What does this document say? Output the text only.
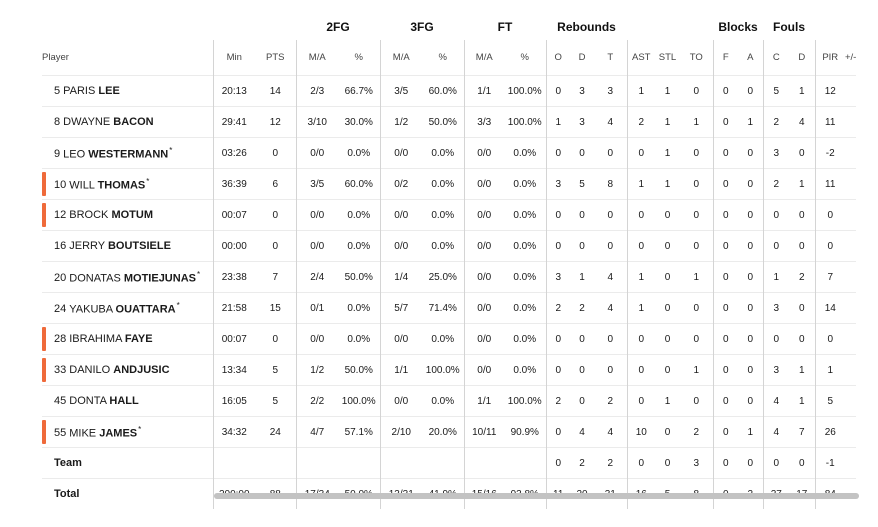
			2FG		3FG		FT		Rebounds						Blocks		Fouls			
Player	Min	PTS	M/A	%	M/A	%	M/A	%	O	D	T	AST	STL	TO	F	A	C	D	PIR	+/-
5 PARIS LEE	20:13	14	2/3	66.7%	3/5	60.0%	1/1	100.0%	0	3	3	1	1	0	0	0	5	1	12	
8 DWAYNE BACON	29:41	12	3/10	30.0%	1/2	50.0%	3/3	100.0%	1	3	4	2	1	1	0	1	2	4	11	
9 LEO WESTERMANN*	03:26	0	0/0	0.0%	0/0	0.0%	0/0	0.0%	0	0	0	0	1	0	0	0	3	0	-2	

10 WILL THOMAS*	36:39	6	3/5	60.0%	0/2	0.0%	0/0	0.0%	3	5	8	1	1	0	0	0	2	1	11	

12 BROCK MOTUM	00:07	0	0/0	0.0%	0/0	0.0%	0/0	0.0%	0	0	0	0	0	0	0	0	0	0	0	
16 JERRY BOUTSIELE	00:00	0	0/0	0.0%	0/0	0.0%	0/0	0.0%	0	0	0	0	0	0	0	0	0	0	0	
20 DONATAS MOTIEJUNAS*	23:38	7	2/4	50.0%	1/4	25.0%	0/0	0.0%	3	1	4	1	0	1	0	0	1	2	7	
24 YAKUBA OUATTARA*	21:58	15	0/1	0.0%	5/7	71.4%	0/0	0.0%	2	2	4	1	0	0	0	0	3	0	14	

28 IBRAHIMA FAYE	00:07	0	0/0	0.0%	0/0	0.0%	0/0	0.0%	0	0	0	0	0	0	0	0	0	0	0	

33 DANILO ANDJUSIC	13:34	5	1/2	50.0%	1/1	100.0%	0/0	0.0%	0	0	0	0	0	1	0	0	3	1	1	
45 DONTA HALL	16:05	5	2/2	100.0%	0/0	0.0%	1/1	100.0%	2	0	2	0	1	0	0	0	4	1	5	

55 MIKE JAMES*	34:32	24	4/7	57.1%	2/10	20.0%	10/11	90.9%	0	4	4	10	0	2	0	1	4	7	26	
Team									0	2	2	0	0	3	0	0	0	0	-1	
Total																				
